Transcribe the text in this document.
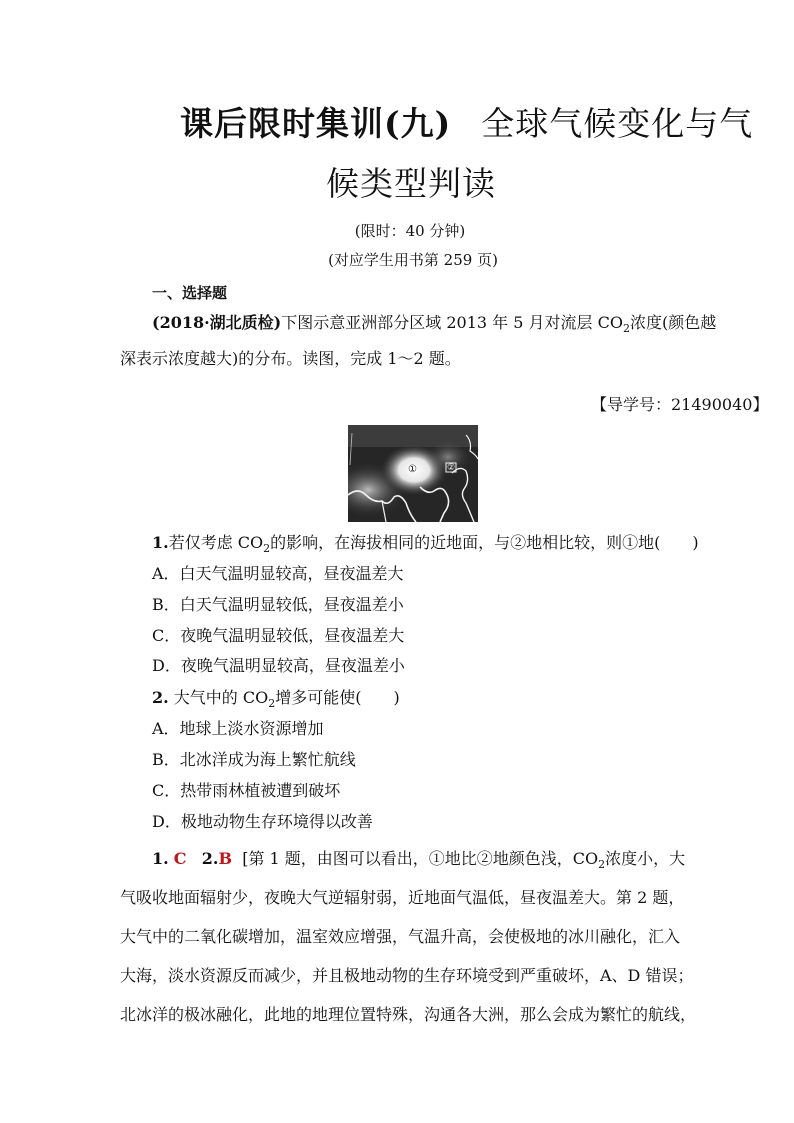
课后限时集训(九) 全球气候变化与气
候类型判读
(限时：40 分钟)
(对应学生用书第 259 页)
一、选择题
(2018·湖北质检)下图示意亚洲部分区域 2013 年 5 月对流层 $CO_2$浓度(颜色越
深表示浓度越大)的分布。读图，完成 1～2 题。
【导学号：21490040】
①	②
1.若仅考虑 $CO_2$的影响，在海拔相同的近地面，与②地相比较，则①地(　　)
A．白天气温明显较高，昼夜温差大
B．白天气温明显较低，昼夜温差小
C．夜晚气温明显较低，昼夜温差大
D．夜晚气温明显较高，昼夜温差小
2. 大气中的 $CO_2$增多可能使(　　)
A．地球上淡水资源增加
B．北冰洋成为海上繁忙航线
C．热带雨林植被遭到破坏
D．极地动物生存环境得以改善
1. C 2.B [第 1 题，由图可以看出，①地比②地颜色浅，$CO_2$浓度小，大
气吸收地面辐射少，夜晚大气逆辐射弱，近地面气温低，昼夜温差大。第 2 题，
大气中的二氧化碳增加，温室效应增强，气温升高，会使极地的冰川融化，汇入
大海，淡水资源反而减少，并且极地动物的生存环境受到严重破坏，A、D 错误；
北冰洋的极冰融化，此地的地理位置特殊，沟通各大洲，那么会成为繁忙的航线，
